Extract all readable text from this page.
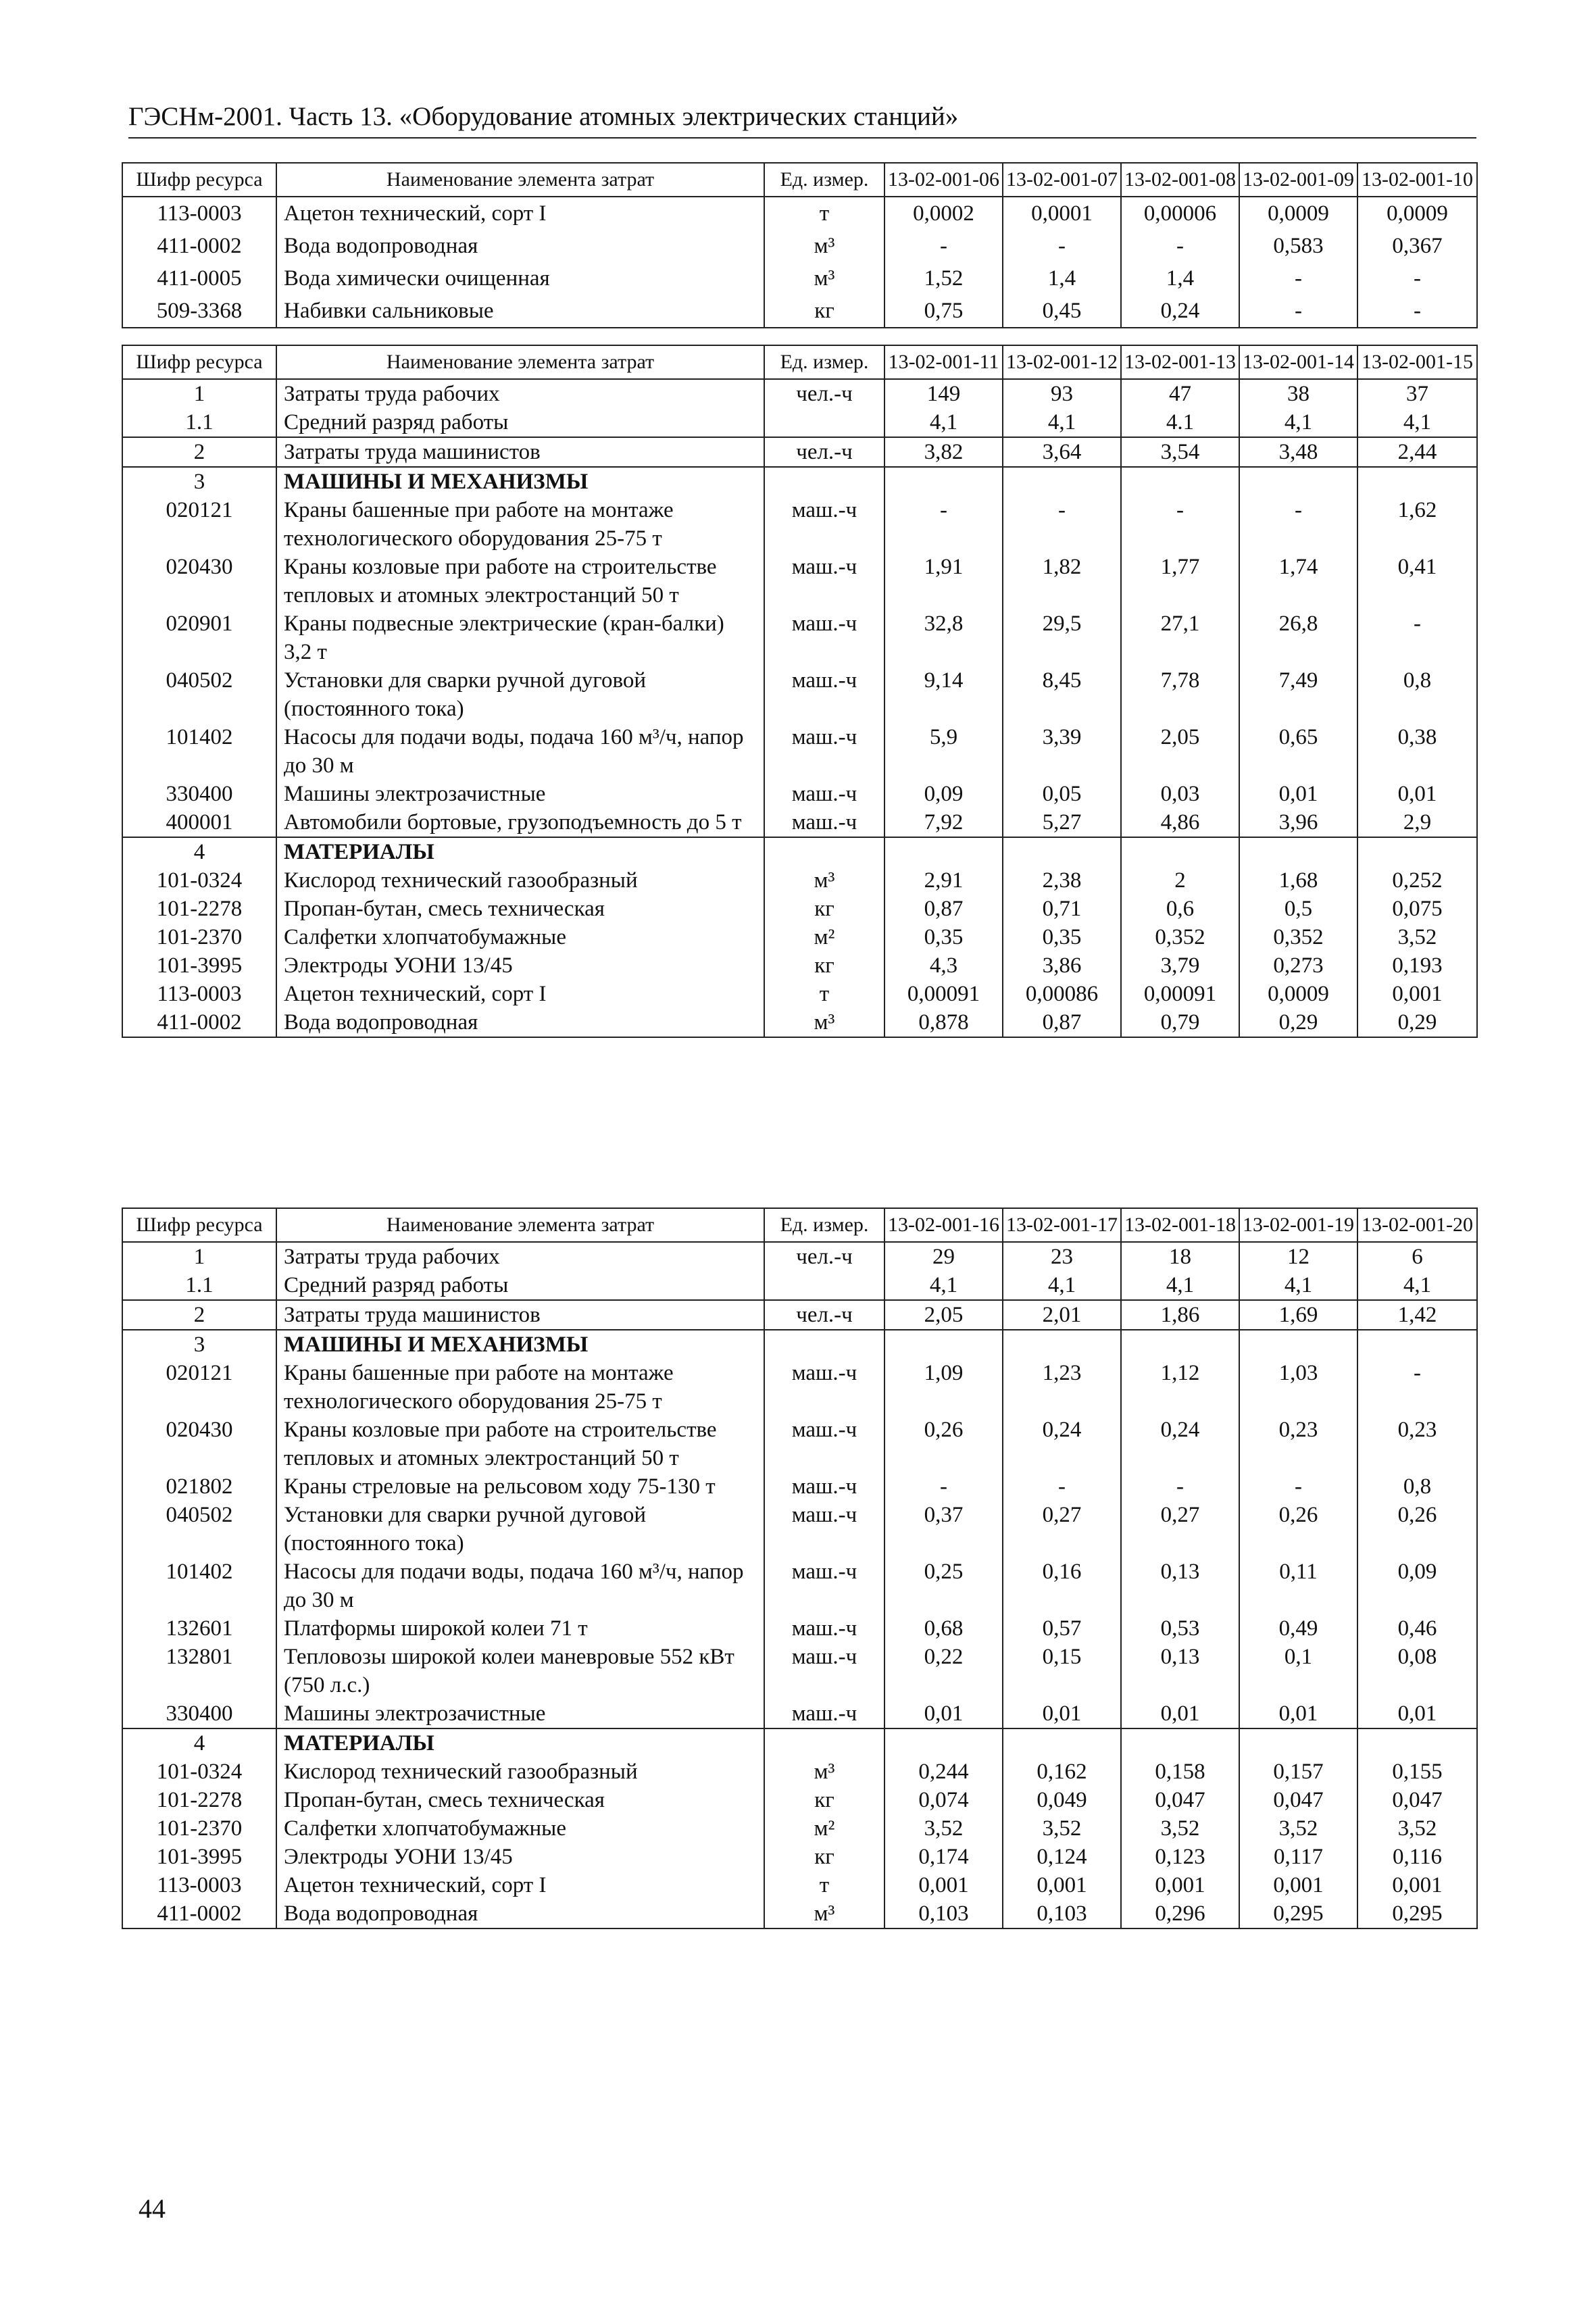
ГЭСНм-2001. Часть 13. «Оборудование атомных электрических станций»
Шифр ресурса	Наименование элемента затрат	Ед. измер.	13-02-001-06	13-02-001-07	13-02-001-08	13-02-001-09	13-02-001-10
113-0003	Ацетон технический, сорт I	т	0,0002	0,0001	0,00006	0,0009	0,0009
411-0002	Вода водопроводная	м³	-	-	-	0,583	0,367
411-0005	Вода химически очищенная	м³	1,52	1,4	1,4	-	-
509-3368	Набивки сальниковые	кг	0,75	0,45	0,24	-	-
Шифр ресурса	Наименование элемента затрат	Ед. измер.	13-02-001-11	13-02-001-12	13-02-001-13	13-02-001-14	13-02-001-15
1	Затраты труда рабочих	чел.-ч	149	93	47	38	37
1.1	Средний разряд работы		4,1	4,1	4.1	4,1	4,1
2	Затраты труда машинистов	чел.-ч	3,82	3,64	3,54	3,48	2,44
3	МАШИНЫ И МЕХАНИЗМЫ						
020121	Краны башенные при работе на монтаже технологического оборудования 25-75 т	маш.-ч	-	-	-	-	1,62
020430	Краны козловые при работе на строительстве тепловых и атомных электростанций 50 т	маш.-ч	1,91	1,82	1,77	1,74	0,41
020901	Краны подвесные электрические (кран-балки) 3,2 т	маш.-ч	32,8	29,5	27,1	26,8	-
040502	Установки для сварки ручной дуговой (постоянного тока)	маш.-ч	9,14	8,45	7,78	7,49	0,8
101402	Насосы для подачи воды, подача 160 м³/ч, напор до 30 м	маш.-ч	5,9	3,39	2,05	0,65	0,38
330400	Машины электрозачистные	маш.-ч	0,09	0,05	0,03	0,01	0,01
400001	Автомобили бортовые, грузоподъемность до 5 т	маш.-ч	7,92	5,27	4,86	3,96	2,9
4	МАТЕРИАЛЫ						
101-0324	Кислород технический газообразный	м³	2,91	2,38	2	1,68	0,252
101-2278	Пропан-бутан, смесь техническая	кг	0,87	0,71	0,6	0,5	0,075
101-2370	Салфетки хлопчатобумажные	м²	0,35	0,35	0,352	0,352	3,52
101-3995	Электроды УОНИ 13/45	кг	4,3	3,86	3,79	0,273	0,193
113-0003	Ацетон технический, сорт I	т	0,00091	0,00086	0,00091	0,0009	0,001
411-0002	Вода водопроводная	м³	0,878	0,87	0,79	0,29	0,29
Шифр ресурса	Наименование элемента затрат	Ед. измер.	13-02-001-16	13-02-001-17	13-02-001-18	13-02-001-19	13-02-001-20
1	Затраты труда рабочих	чел.-ч	29	23	18	12	6
1.1	Средний разряд работы		4,1	4,1	4,1	4,1	4,1
2	Затраты труда машинистов	чел.-ч	2,05	2,01	1,86	1,69	1,42
3	МАШИНЫ И МЕХАНИЗМЫ						
020121	Краны башенные при работе на монтаже технологического оборудования 25-75 т	маш.-ч	1,09	1,23	1,12	1,03	-
020430	Краны козловые при работе на строительстве тепловых и атомных электростанций 50 т	маш.-ч	0,26	0,24	0,24	0,23	0,23
021802	Краны стреловые на рельсовом ходу 75-130 т	маш.-ч	-	-	-	-	0,8
040502	Установки для сварки ручной дуговой (постоянного тока)	маш.-ч	0,37	0,27	0,27	0,26	0,26
101402	Насосы для подачи воды, подача 160 м³/ч, напор до 30 м	маш.-ч	0,25	0,16	0,13	0,11	0,09
132601	Платформы широкой колеи 71 т	маш.-ч	0,68	0,57	0,53	0,49	0,46
132801	Тепловозы широкой колеи маневровые 552 кВт (750 л.с.)	маш.-ч	0,22	0,15	0,13	0,1	0,08
330400	Машины электрозачистные	маш.-ч	0,01	0,01	0,01	0,01	0,01
4	МАТЕРИАЛЫ						
101-0324	Кислород технический газообразный	м³	0,244	0,162	0,158	0,157	0,155
101-2278	Пропан-бутан, смесь техническая	кг	0,074	0,049	0,047	0,047	0,047
101-2370	Салфетки хлопчатобумажные	м²	3,52	3,52	3,52	3,52	3,52
101-3995	Электроды УОНИ 13/45	кг	0,174	0,124	0,123	0,117	0,116
113-0003	Ацетон технический, сорт I	т	0,001	0,001	0,001	0,001	0,001
411-0002	Вода водопроводная	м³	0,103	0,103	0,296	0,295	0,295
44
